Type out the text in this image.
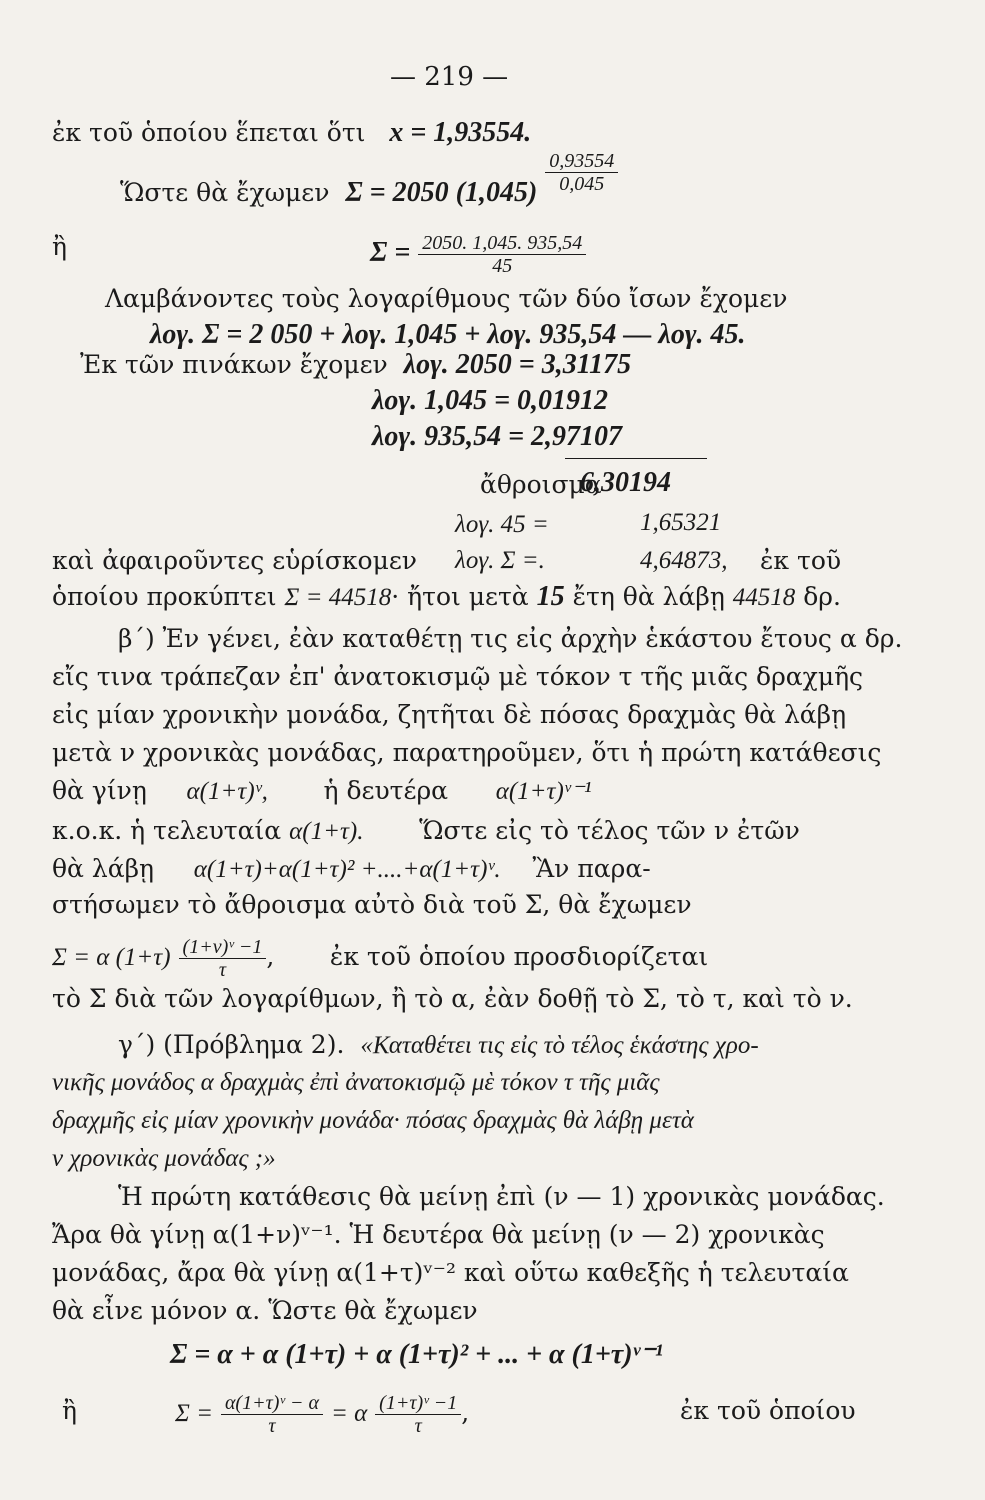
— 219 —
ἐκ τοῦ ὁποίου ἕπεται ὅτι x = 1,93554.
Ὥστε θὰ ἔχωμεν Σ = 2050 $(1,045) \frac{0,93554}{0,045}$
ἢ	$\Sigma = \frac{2050. 1,045. 935,54}{45}$
Λαμβάνοντες τοὺς λογαρίθμους τῶν δύο ἴσων ἔχομεν
λογ. Σ = 2 050 + λογ. 1,045 + λογ. 935,54 — λογ. 45.
Ἐκ τῶν πινάκων ἔχομεν λογ. 2050 = 3,31175
λογ. 1,045 = 0,01912
λογ. 935,54 = 2,97107
ἄθροισμα
6,30194
λογ. 45 =	1,65321
καὶ ἀφαιροῦντες εὑρίσκομεν λογ. Σ =.	4,64873, ἐκ τοῦ
ὁποίου προκύπτει Σ = 44518· ἤτοι μετὰ 15 ἔτη θὰ λάβῃ 44518 δρ.
β΄) Ἐν γένει, ἐὰν καταθέτῃ τις εἰς ἀρχὴν ἑκάστου ἔτους α δρ.
εἴς τινα τράπεζαν ἐπ' ἀνατοκισμῷ μὲ τόκον τ τῆς μιᾶς δραχμῆς
εἰς μίαν χρονικὴν μονάδα, ζητῆται δὲ πόσας δραχμὰς θὰ λάβῃ
μετὰ ν χρονικὰς μονάδας, παρατηροῦμεν, ὅτι ἡ πρώτη κατάθεσις
θὰ γίνῃ α(1+τ)ᵛ, ἡ δευτέρα α(1+τ)ᵛ⁻¹
κ.ο.κ. ἡ τελευταία α(1+τ). Ὥστε εἰς τὸ τέλος τῶν ν ἐτῶν
θὰ λάβῃ α(1+τ)+α(1+τ)² +....+α(1+τ)ᵛ. Ἂν παρα-
στήσωμεν τὸ ἄθροισμα αὐτὸ διὰ τοῦ Σ, θὰ ἔχωμεν
Σ = α $(1+\tau) \frac{\text{(1+ν)ᵛ −1}}{\tau}$ , ἐκ τοῦ ὁποίου προσδιορίζεται
τὸ Σ διὰ τῶν λογαρίθμων, ἢ τὸ α, ἐὰν δοθῇ τὸ Σ, τὸ τ, καὶ τὸ ν.
γ΄) (Πρόβλημα 2). «Καταθέτει τις εἰς τὸ τέλος ἑκάστης χρο-
νικῆς μονάδος α δραχμὰς ἐπὶ ἀνατοκισμῷ μὲ τόκον τ τῆς μιᾶς
δραχμῆς εἰς μίαν χρονικὴν μονάδα· πόσας δραχμὰς θὰ λάβῃ μετὰ
ν χρονικὰς μονάδας ;»
Ἡ πρώτη κατάθεσις θὰ μείνῃ ἐπὶ (ν — 1) χρονικὰς μονάδας.
Ἄρα θὰ γίνῃ α(1+ν)ᵛ⁻¹. Ἡ δευτέρα θὰ μείνῃ (ν — 2) χρονικὰς
μονάδας, ἄρα θὰ γίνῃ α(1+τ)ᵛ⁻² καὶ οὕτω καθεξῆς ἡ τελευταία
θὰ εἶνε μόνον α. Ὥστε θὰ ἔχωμεν
Σ = α + α (1+τ) + α (1+τ)² + ... + α (1+τ)ᵛ⁻¹
ἢ	$\Sigma = \frac{\text{α(1+τ)ᵛ − α}}{\tau} = \alpha \frac{\text{(1+τ)ᵛ −1}}{\tau}$ ,	ἐκ τοῦ ὁποίου
